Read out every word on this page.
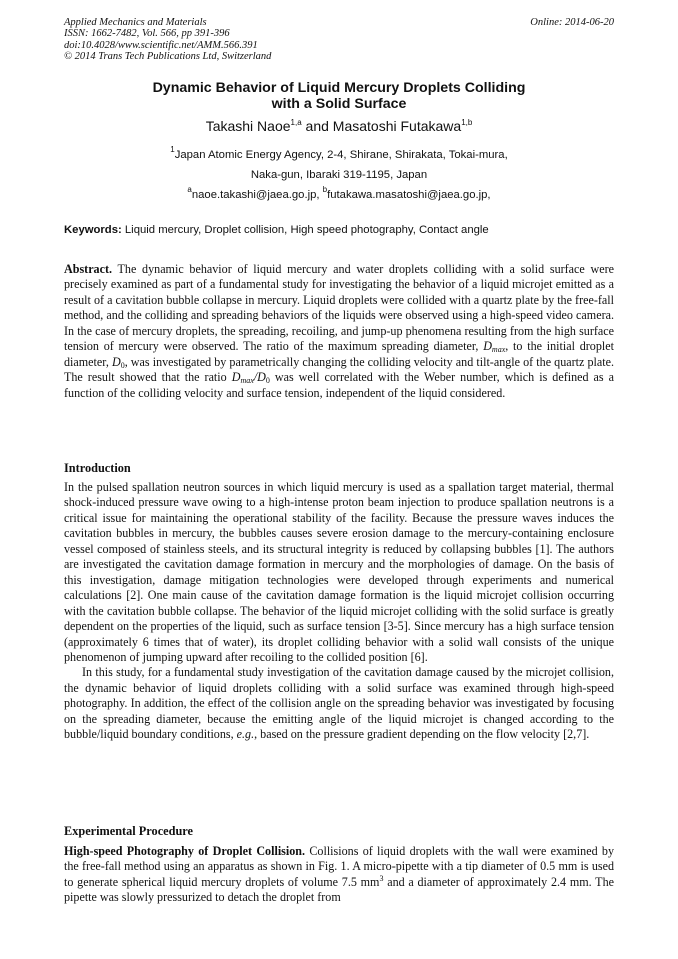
Applied Mechanics and Materials
ISSN: 1662-7482, Vol. 566, pp 391-396
doi:10.4028/www.scientific.net/AMM.566.391
© 2014 Trans Tech Publications Ltd, Switzerland
Online: 2014-06-20
Dynamic Behavior of Liquid Mercury Droplets Colliding
with a Solid Surface
Takashi Naoe$^{1,a}$ and Masatoshi Futakawa$^{1,b}$
$^1$Japan Atomic Energy Agency, 2-4, Shirane, Shirakata, Tokai-mura,
Naka-gun, Ibaraki 319-1195, Japan
$^a$naoe.takashi@jaea.go.jp, $^b$futakawa.masatoshi@jaea.go.jp,
Keywords: Liquid mercury, Droplet collision, High speed photography, Contact angle
Abstract. The dynamic behavior of liquid mercury and water droplets colliding with a solid surface were precisely examined as part of a fundamental study for investigating the behavior of a liquid microjet emitted as a result of a cavitation bubble collapse in mercury. Liquid droplets were collided with a quartz plate by the free-fall method, and the colliding and spreading behaviors of the liquids were observed using a high-speed video camera. In the case of mercury droplets, the spreading, recoiling, and jump-up phenomena resulting from the high surface tension of mercury were observed. The ratio of the maximum spreading diameter, $D_{max}$, to the initial droplet diameter, $D_0$, was investigated by parametrically changing the colliding velocity and tilt-angle of the quartz plate. The result showed that the ratio $D_{max}/D_0$ was well correlated with the Weber number, which is defined as a function of the colliding velocity and surface tension, independent of the liquid considered.
Introduction
In the pulsed spallation neutron sources in which liquid mercury is used as a spallation target material, thermal shock-induced pressure wave owing to a high-intense proton beam injection to produce spallation neutrons is a critical issue for maintaining the operational stability of the facility. Because the pressure waves induces the cavitation bubbles in mercury, the bubbles causes severe erosion damage to the mercury-containing enclosure vessel composed of stainless steels, and its structural integrity is reduced by collapsing bubbles [1]. The authors are investigated the cavitation damage formation in mercury and the morphologies of damage. On the basis of this investigation, damage mitigation technologies were developed through experiments and numerical calculations [2]. One main cause of the cavitation damage formation is the liquid microjet collision occurring with the cavitation bubble collapse. The behavior of the liquid microjet colliding with the solid surface is greatly dependent on the properties of the liquid, such as surface tension [3-5]. Since mercury has a high surface tension (approximately 6 times that of water), its droplet colliding behavior with a solid wall consists of the unique phenomenon of jumping upward after recoiling to the collided position [6].
In this study, for a fundamental study investigation of the cavitation damage caused by the microjet collision, the dynamic behavior of liquid droplets colliding with a solid surface was examined through high-speed photography. In addition, the effect of the collision angle on the spreading behavior was investigated by focusing on the spreading diameter, because the emitting angle of the liquid microjet is changed according to the bubble/liquid boundary conditions, e.g., based on the pressure gradient depending on the flow velocity [2,7].
Experimental Procedure
High-speed Photography of Droplet Collision. Collisions of liquid droplets with the wall were examined by the free-fall method using an apparatus as shown in Fig. 1. A micro-pipette with a tip diameter of 0.5 mm is used to generate spherical liquid mercury droplets of volume 7.5 $mm^3$ and a diameter of approximately 2.4 mm. The pipette was slowly pressurized to detach the droplet from
